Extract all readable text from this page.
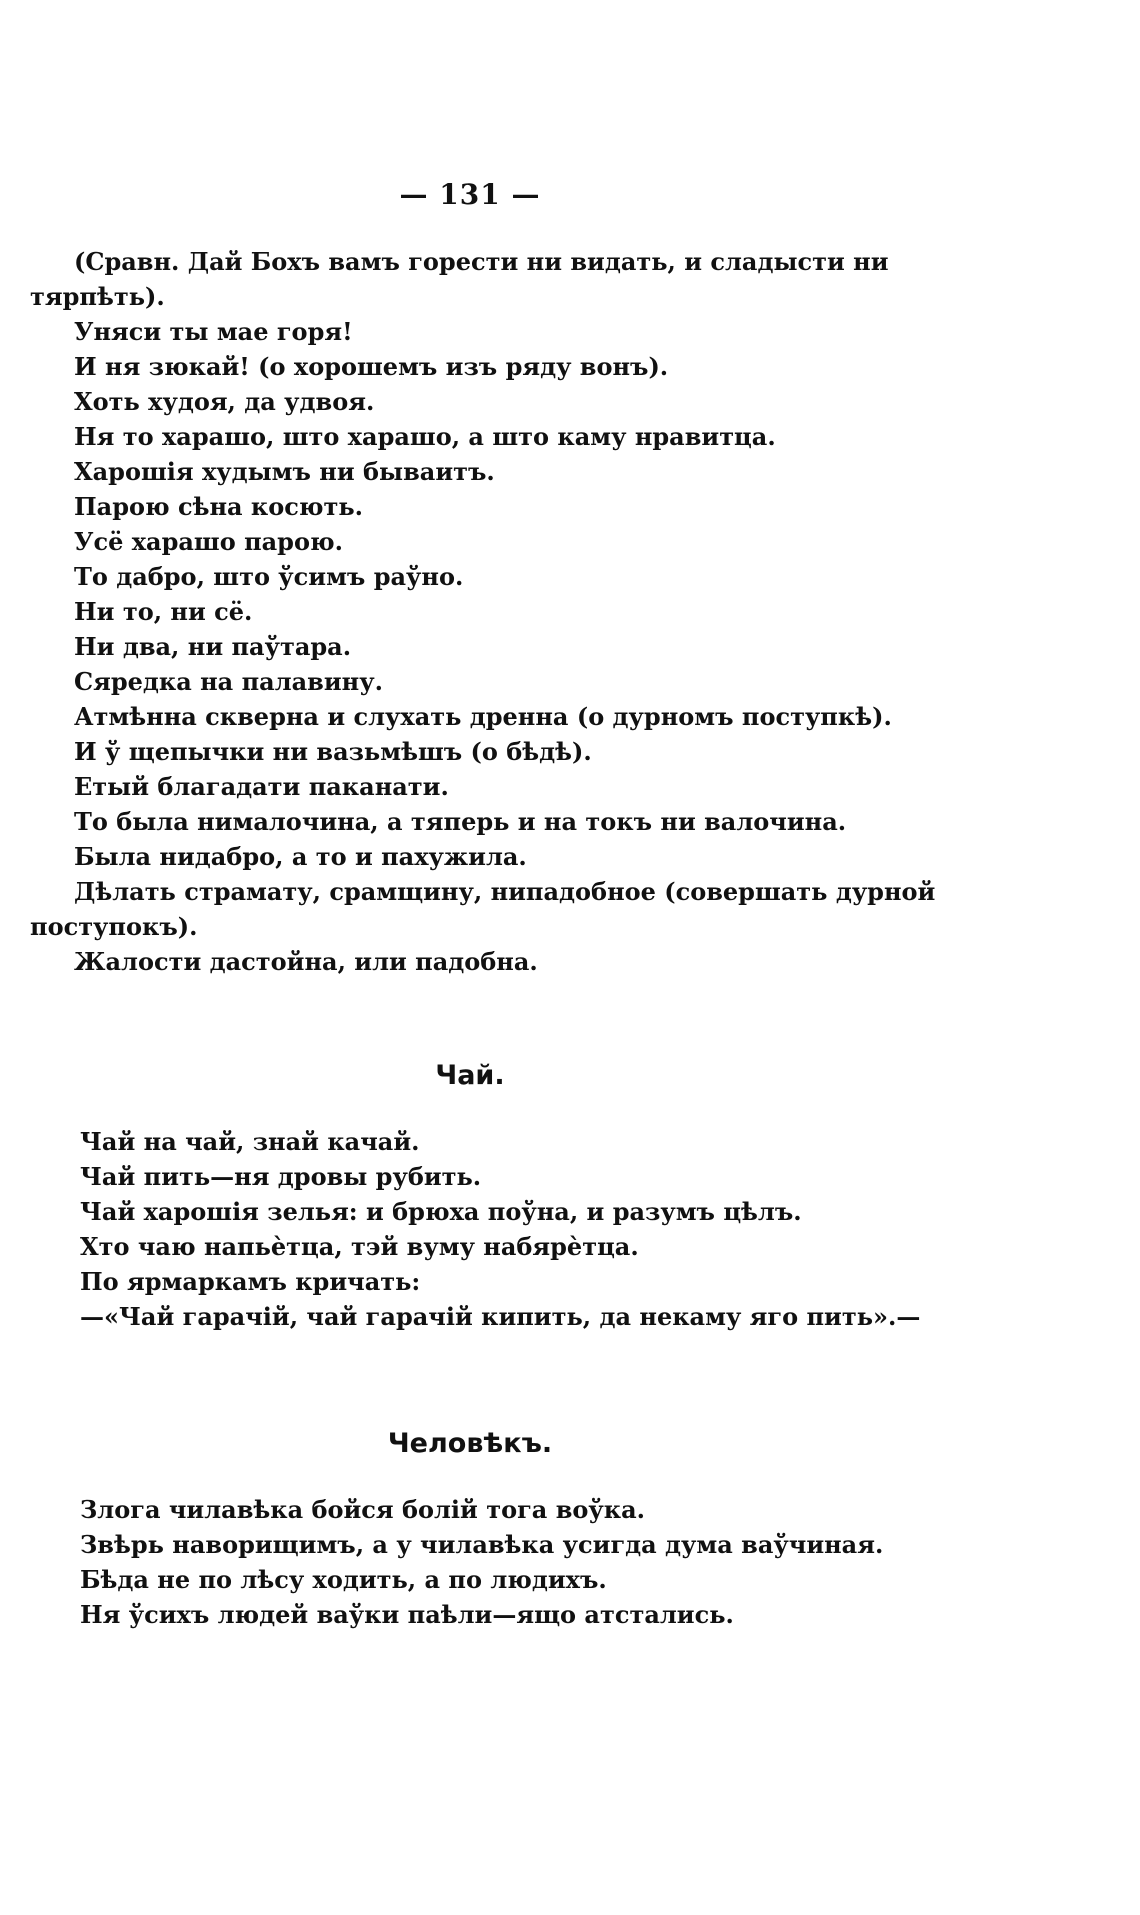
— 131 —

(Сравн. Дай Бохъ вамъ горести ни видать, и сладысти ни

тярпѣть).

Уняси ты мае горя!

И ня зюкай! (о хорошемъ изъ ряду вонъ).

Хоть худоя, да удвоя.

Ня то харашо, што харашо, а што каму нравитца.

Харошія худымъ ни бываитъ.

Парою сѣна косють.

Усё харашо парою.

То дабро, што ўсимъ раўно.

Ни то, ни сё.

Ни два, ни паўтара.

Сяредка на палавину.

Атмѣнна скверна и слухать дренна (о дурномъ поступкѣ).

И ў щепычки ни вазьмѣшъ (о бѣдѣ).

Етый благадати паканати.

То была нималочина, а тяперь и на токъ ни валочина.

Была нидабро, а то и пахужила.

Дѣлать страмату, срамщину, нипадобное (совершать дурной

поступокъ).

Жалости дастойна, или падобна.

Чай.

Чай на чай, знай качай.

Чай пить—ня дровы рубить.

Чай харошія зелья: и брюха поўна, и разумъ цѣлъ.

Хто чаю напьѐтца, тэй вуму набярѐтца.

По ярмаркамъ кричать:

—«Чай гарачій, чай гарачій кипить, да некаму яго пить».—

Человѣкъ.

Злога чилавѣка бойся болій тога воўка.

Звѣрь наворищимъ, а у чилавѣка усигда дума ваўчиная.

Бѣда не по лѣсу ходить, а по людихъ.

Ня ўсихъ людей ваўки паѣли—ящо атстались.
